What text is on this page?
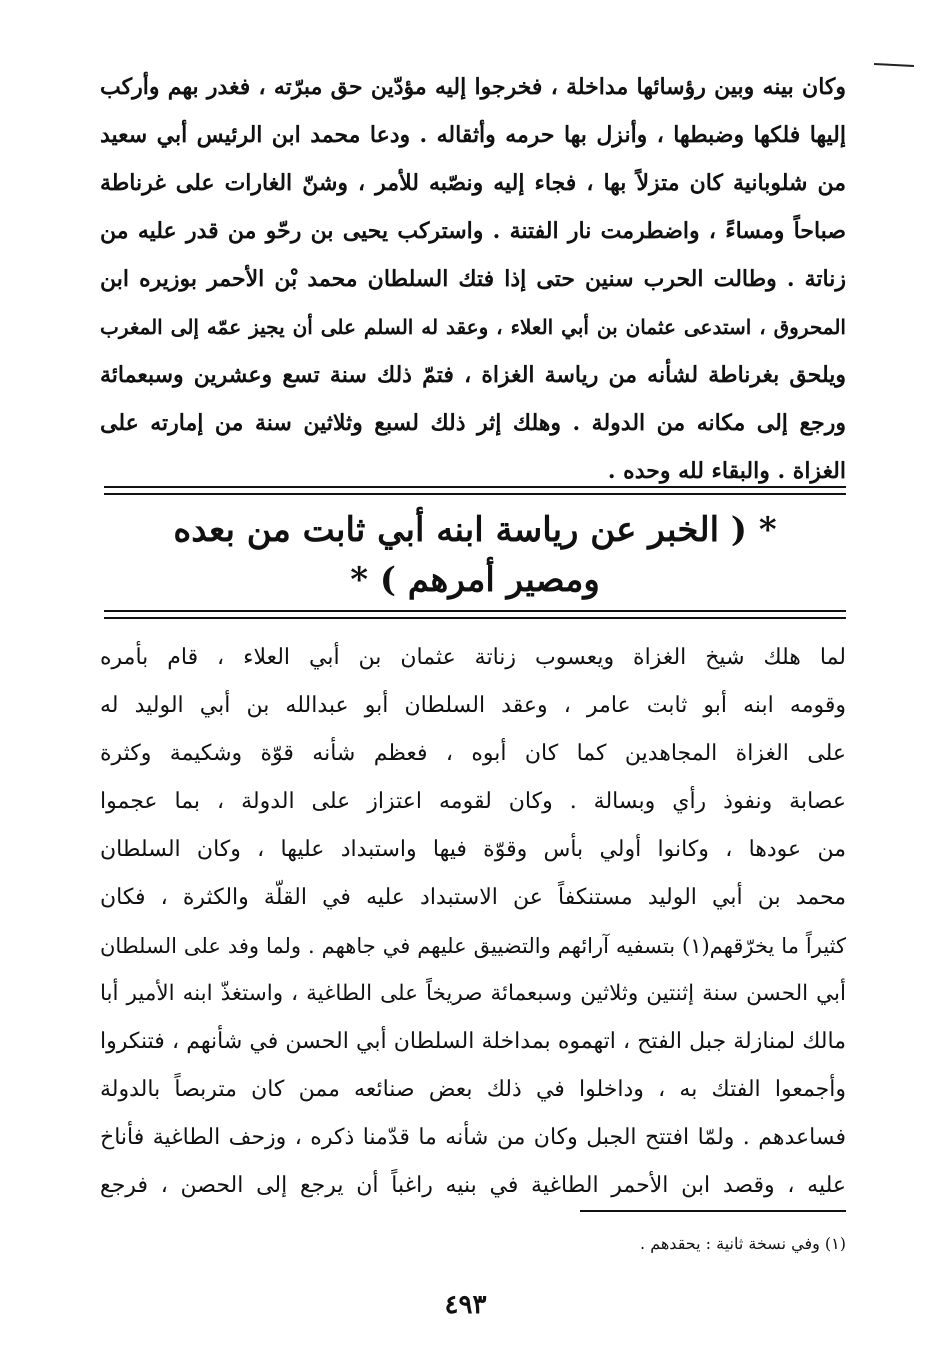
وكان بينه وبين رؤسائها مداخلة ، فخرجوا إليه مؤدّين حق مبرّته ، فغدر بهم وأركب
إليها فلكها وضبطها ، وأنزل بها حرمه وأثقاله . ودعا محمد ابن الرئيس أبي سعيد
من شلوبانية كان متزلاً بها ، فجاء إليه ونصّبه للأمر ، وشنّ الغارات على غرناطة
صباحاً ومساءً ، واضطرمت نار الفتنة . واسترکب يحيى بن رحّو من قدر عليه من
زناتة . وطالت الحرب سنين حتى إذا فتك السلطان محمد بْن الأحمر بوزيره ابن
المحروق ، استدعى عثمان بن أبي العلاء ، وعقد له السلم على أن يجيز عمّه إلى المغرب
ويلحق بغرناطة لشأنه من رياسة الغزاة ، فتمّ ذلك سنة تسع وعشرين وسبعمائة
ورجع إلى مكانه من الدولة . وهلك إثر ذلك لسبع وثلاثين سنة من إمارته على
الغزاة . والبقاء لله وحده .
* ( الخبر عن رياسة ابنه أبي ثابت من بعده
ومصير أمرهم ) *
لما هلك شيخ الغزاة ويعسوب زناتة عثمان بن أبي العلاء ، قام بأمره
وقومه ابنه أبو ثابت عامر ، وعقد السلطان أبو عبدالله بن أبي الوليد له
على الغزاة المجاهدين كما كان أبوه ، فعظم شأنه قوّة وشكيمة وكثرة
عصابة ونفوذ رأي وبسالة . وكان لقومه اعتزاز على الدولة ، بما عجموا
من عودها ، وكانوا أولي بأس وقوّة فيها واستبداد عليها ، وكان السلطان
محمد بن أبي الوليد مستنكفاً عن الاستبداد عليه في القلّة والكثرة ، فكان
كثيراً ما يخرّقهم(١) بتسفيه آرائهم والتضييق عليهم في جاههم . ولما وفد على السلطان
أبي الحسن سنة إثنتين وثلاثين وسبعمائة صريخاً على الطاغية ، واستغذّ ابنه الأمير أبا
مالك لمنازلة جبل الفتح ، اتهموه بمداخلة السلطان أبي الحسن في شأنهم ، فتنكروا
وأجمعوا الفتك به ، وداخلوا في ذلك بعض صنائعه ممن كان متربصاً بالدولة
فساعدهم . ولمّا افتتح الجبل وكان من شأنه ما قدّمنا ذكره ، وزحف الطاغية فأناخ
عليه ، وقصد ابن الأحمر الطاغية في بنيه راغباً أن يرجع إلى الحصن ، فرجع
(١) وفي نسخة ثانية : يحقدهم .
٤٩٣
